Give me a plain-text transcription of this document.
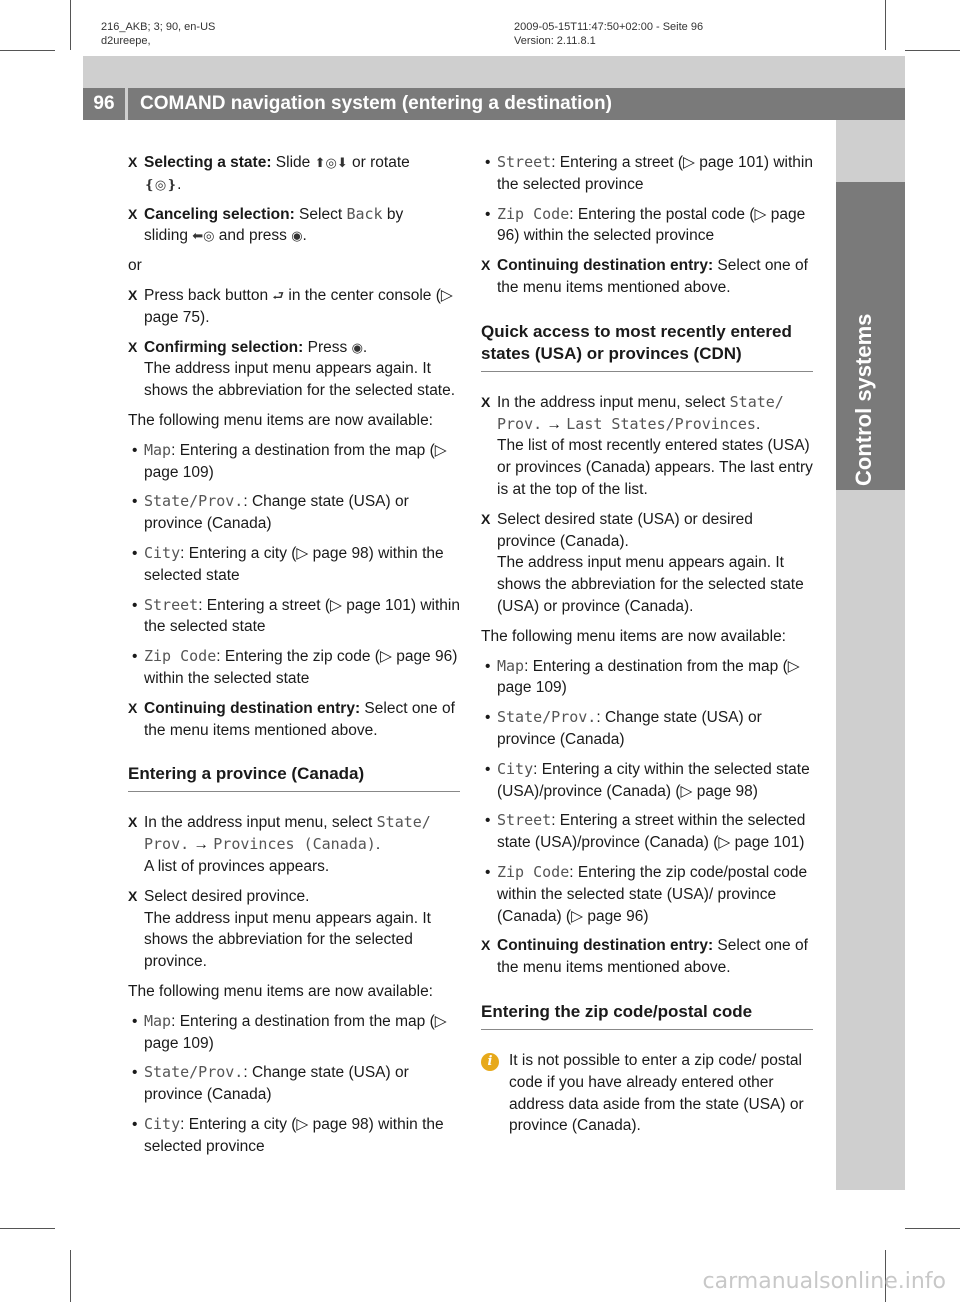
216_AKB; 3; 90, en-US
d2ureepe,
2009-05-15T11:47:50+02:00 - Seite 96
Version: 2.11.8.1
96	COMAND navigation system (entering a destination)
Control systems
X Selecting a state: Slide ⬆◎⬇ or rotate
❴◎❵.
X Canceling selection: Select Back by
sliding ⬅◎ and press ◉.

or

X Press back button ⮐ in the center console (▷ page 75).
X Confirming selection: Press ◉.
The address input menu appears again. It shows the abbreviation for the selected state.

The following menu items are now available:

• Map: Entering a destination from the map (▷ page 109)
• State/Prov.: Change state (USA) or province (Canada)
• City: Entering a city (▷ page 98) within the selected state
• Street: Entering a street (▷ page 101) within the selected state
• Zip Code: Entering the zip code (▷ page 96) within the selected state
X Continuing destination entry: Select one of the menu items mentioned above.
Entering a province (Canada)
X In the address input menu, select State/ Prov. → Provinces (Canada).
A list of provinces appears.
X Select desired province.
The address input menu appears again. It shows the abbreviation for the selected province.

The following menu items are now available:

• Map: Entering a destination from the map (▷ page 109)
• State/Prov.: Change state (USA) or province (Canada)
• City: Entering a city (▷ page 98) within the selected province
• Street: Entering a street (▷ page 101) within the selected province
• Zip Code: Entering the postal code (▷ page 96) within the selected province
X Continuing destination entry: Select one of the menu items mentioned above.
Quick access to most recently entered states (USA) or provinces (CDN)
X In the address input menu, select State/ Prov. → Last States/Provinces.
The list of most recently entered states (USA) or provinces (Canada) appears. The last entry is at the top of the list.
X Select desired state (USA) or desired province (Canada).
The address input menu appears again. It shows the abbreviation for the selected state (USA) or province (Canada).

The following menu items are now available:

• Map: Entering a destination from the map (▷ page 109)
• State/Prov.: Change state (USA) or province (Canada)
• City: Entering a city within the selected state (USA)/province (Canada) (▷ page 98)
• Street: Entering a street within the selected state (USA)/province (Canada) (▷ page 101)
• Zip Code: Entering the zip code/postal code within the selected state (USA)/ province (Canada) (▷ page 96)
X Continuing destination entry: Select one of the menu items mentioned above.
Entering the zip code/postal code
i	It is not possible to enter a zip code/ postal code if you have already entered other address data aside from the state (USA) or province (Canada).
carmanualsonline.info
